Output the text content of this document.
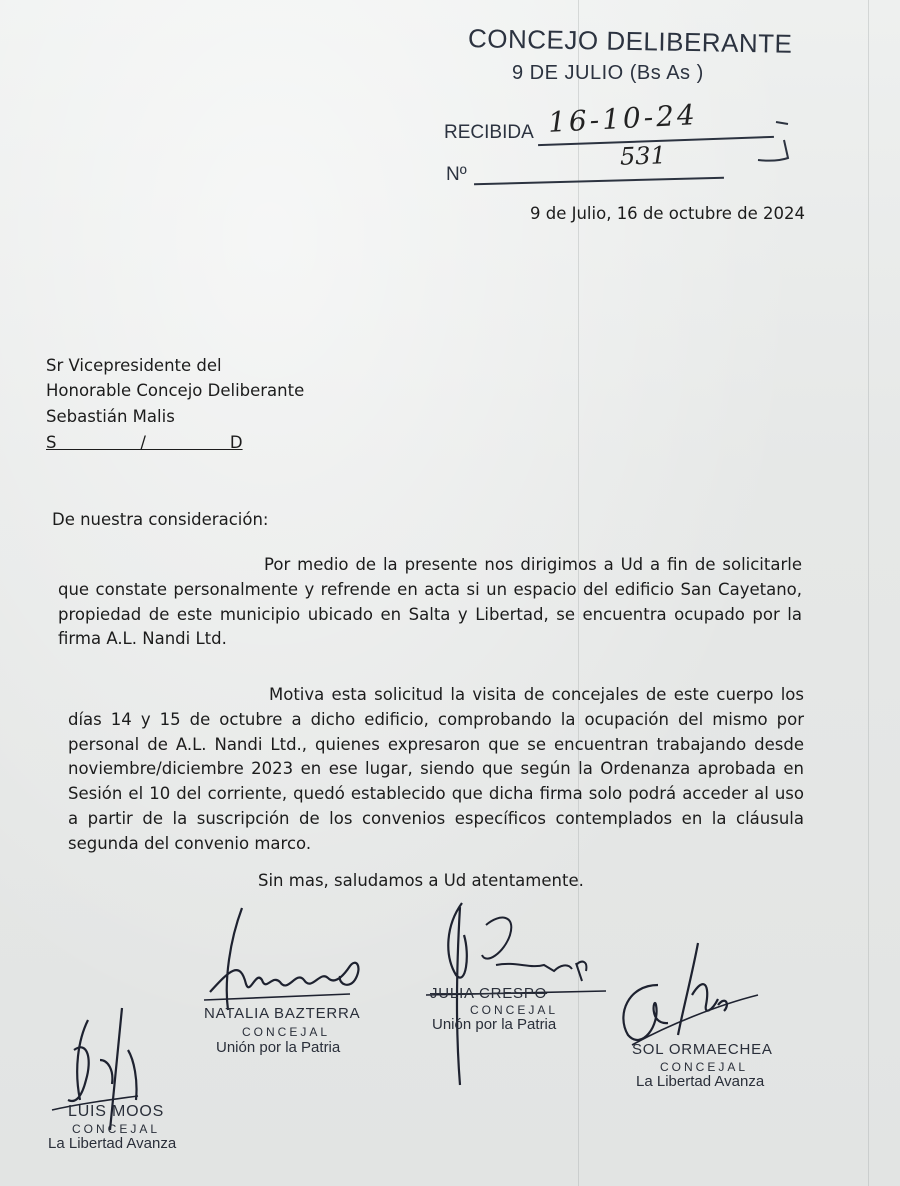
CONCEJO DELIBERANTE
9 DE JULIO (Bs As )
RECIBIDA 16-10-24
Nº
531
9 de Julio, 16 de octubre de 2024
Sr Vicepresidente del
Honorable Concejo Deliberante
Sebastián Malis
S                /                D
De nuestra consideración:
Por medio de la presente nos dirigimos a Ud a fin de solicitarle que constate personalmente y refrende en acta si un espacio del edificio San Cayetano, propiedad de este municipio ubicado en Salta y Libertad, se encuentra ocupado por la firma A.L. Nandi Ltd.
Motiva esta solicitud la visita de concejales de este cuerpo los días 14 y 15 de octubre a dicho edificio, comprobando la ocupación del mismo por personal de A.L. Nandi Ltd., quienes expresaron que se encuentran trabajando desde noviembre/diciembre 2023 en ese lugar, siendo que según la Ordenanza aprobada en Sesión el 10 del corriente, quedó establecido que dicha firma solo podrá acceder al uso a partir de la suscripción de los convenios específicos contemplados en la cláusula segunda del convenio marco.
Sin mas, saludamos a Ud atentamente.
NATALIA BAZTERRA
CONCEJAL
Unión por la Patria
JULIA CRESPO
CONCEJAL
Unión por la Patria
SOL ORMAECHEA
CONCEJAL
La Libertad Avanza
LUIS MOOS
CONCEJAL
La Libertad Avanza
